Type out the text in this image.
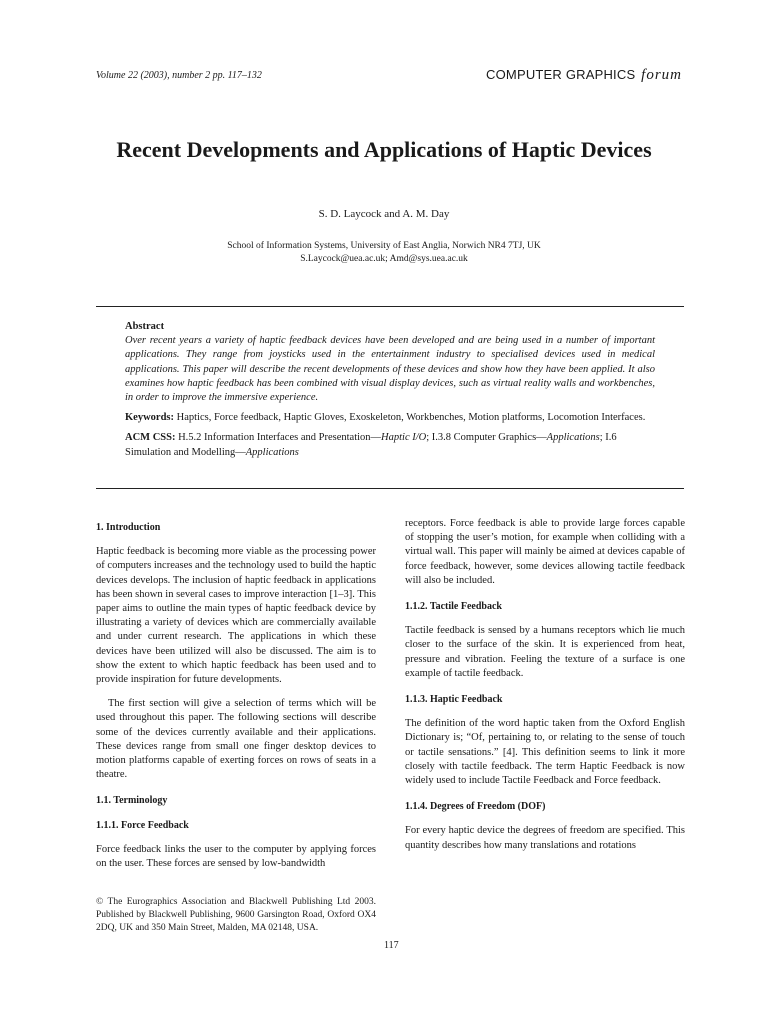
Volume 22 (2003), number 2 pp. 117–132	COMPUTER GRAPHICS forum
Recent Developments and Applications of Haptic Devices
S. D. Laycock and A. M. Day
School of Information Systems, University of East Anglia, Norwich NR4 7TJ, UK
S.Laycock@uea.ac.uk; Amd@sys.uea.ac.uk

Abstract

Over recent years a variety of haptic feedback devices have been developed and are being used in a number of important applications. They range from joysticks used in the entertainment industry to specialised devices used in medical applications. This paper will describe the recent developments of these devices and show how they have been applied. It also examines how haptic feedback has been combined with visual display devices, such as virtual reality walls and workbenches, in order to improve the immersive experience.

Keywords: Haptics, Force feedback, Haptic Gloves, Exoskeleton, Workbenches, Motion platforms, Locomotion Interfaces.

ACM CSS: H.5.2 Information Interfaces and Presentation—Haptic I/O; I.3.8 Computer Graphics—Applications; I.6 Simulation and Modelling—Applications

1. Introduction

Haptic feedback is becoming more viable as the processing power of computers increases and the technology used to build the haptic devices develops. The inclusion of haptic feedback in applications has been shown in several cases to improve interaction [1–3]. This paper aims to outline the main types of haptic feedback device by illustrating a variety of devices which are commercially available and under current research. The applications in which these devices have been utilized will also be discussed. The aim is to show the extent to which haptic feedback has been used and to provide inspiration for future developments.

The first section will give a selection of terms which will be used throughout this paper. The following sections will describe some of the devices currently available and their applications. These devices range from small one finger desktop devices to motion platforms capable of exerting forces on rows of seats in a theatre.

1.1. Terminology

1.1.1. Force Feedback

Force feedback links the user to the computer by applying forces on the user. These forces are sensed by low-bandwidth

receptors. Force feedback is able to provide large forces capable of stopping the user’s motion, for example when colliding with a virtual wall. This paper will mainly be aimed at devices capable of force feedback, however, some devices allowing tactile feedback will also be included.

1.1.2. Tactile Feedback

Tactile feedback is sensed by a humans receptors which lie much closer to the surface of the skin. It is experienced from heat, pressure and vibration. Feeling the texture of a surface is one example of tactile feedback.

1.1.3. Haptic Feedback

The definition of the word haptic taken from the Oxford English Dictionary is; “Of, pertaining to, or relating to the sense of touch or tactile sensations.” [4]. This definition seems to link it more closely with tactile feedback. The term Haptic Feedback is now widely used to include Tactile Feedback and Force feedback.

1.1.4. Degrees of Freedom (DOF)

For every haptic device the degrees of freedom are specified. This quantity describes how many translations and rotations

© The Eurographics Association and Blackwell Publishing Ltd 2003. Published by Blackwell Publishing, 9600 Garsington Road, Oxford OX4 2DQ, UK and 350 Main Street, Malden, MA 02148, USA.
117
